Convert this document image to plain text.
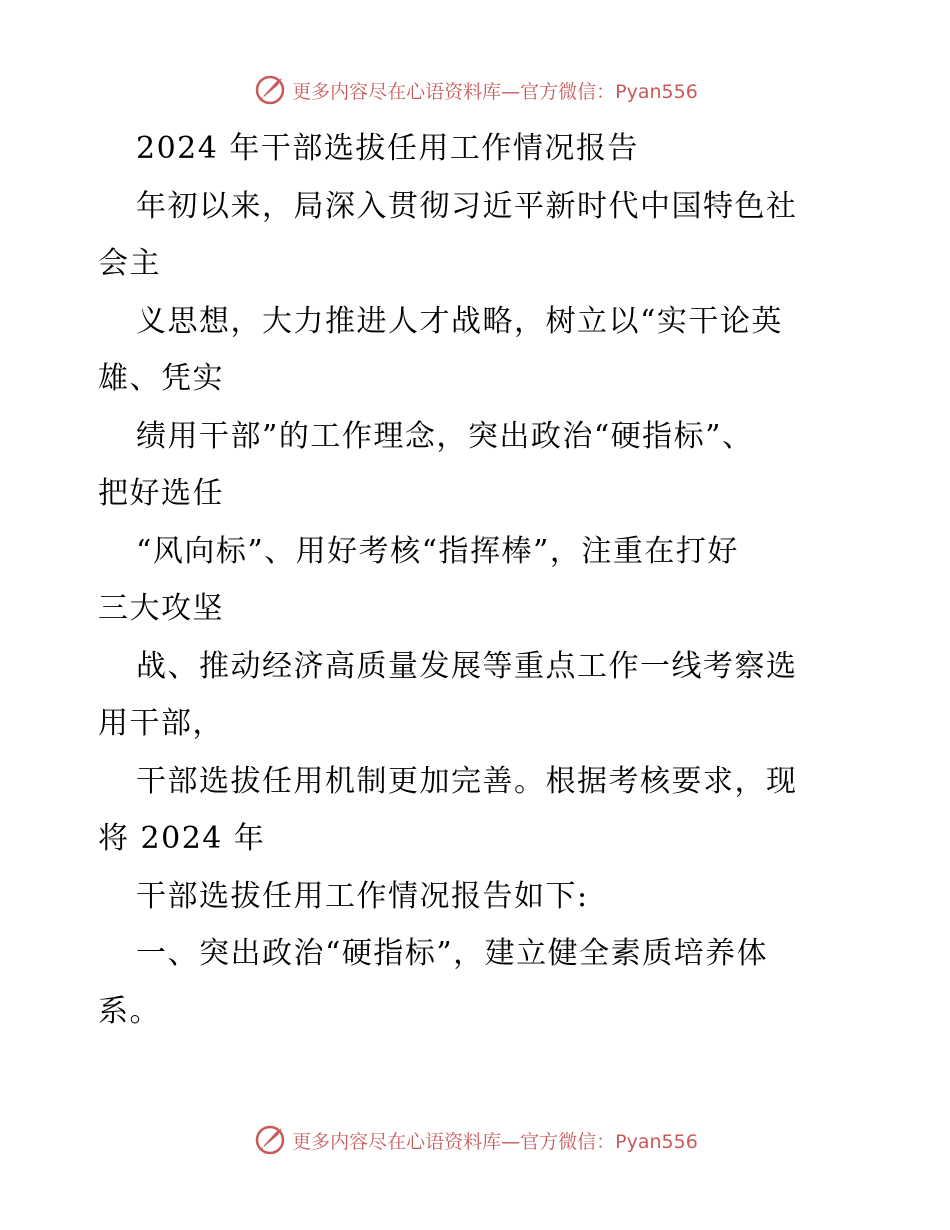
更多内容尽在心语资料库—官方微信：Pyan556
2024 年干部选拔任用工作情况报告
年初以来，局深入贯彻习近平新时代中国特色社
会主
义思想，大力推进人才战略，树立以“实干论英
雄、凭实
绩用干部”的工作理念，突出政治“硬指标”、
把好选任
“风向标”、用好考核“指挥棒”，注重在打好
三大攻坚
战、推动经济高质量发展等重点工作一线考察选
用干部，
干部选拔任用机制更加完善。根据考核要求，现
将 2024 年
干部选拔任用工作情况报告如下:
一、突出政治“硬指标”，建立健全素质培养体
系。
更多内容尽在心语资料库—官方微信：Pyan556
